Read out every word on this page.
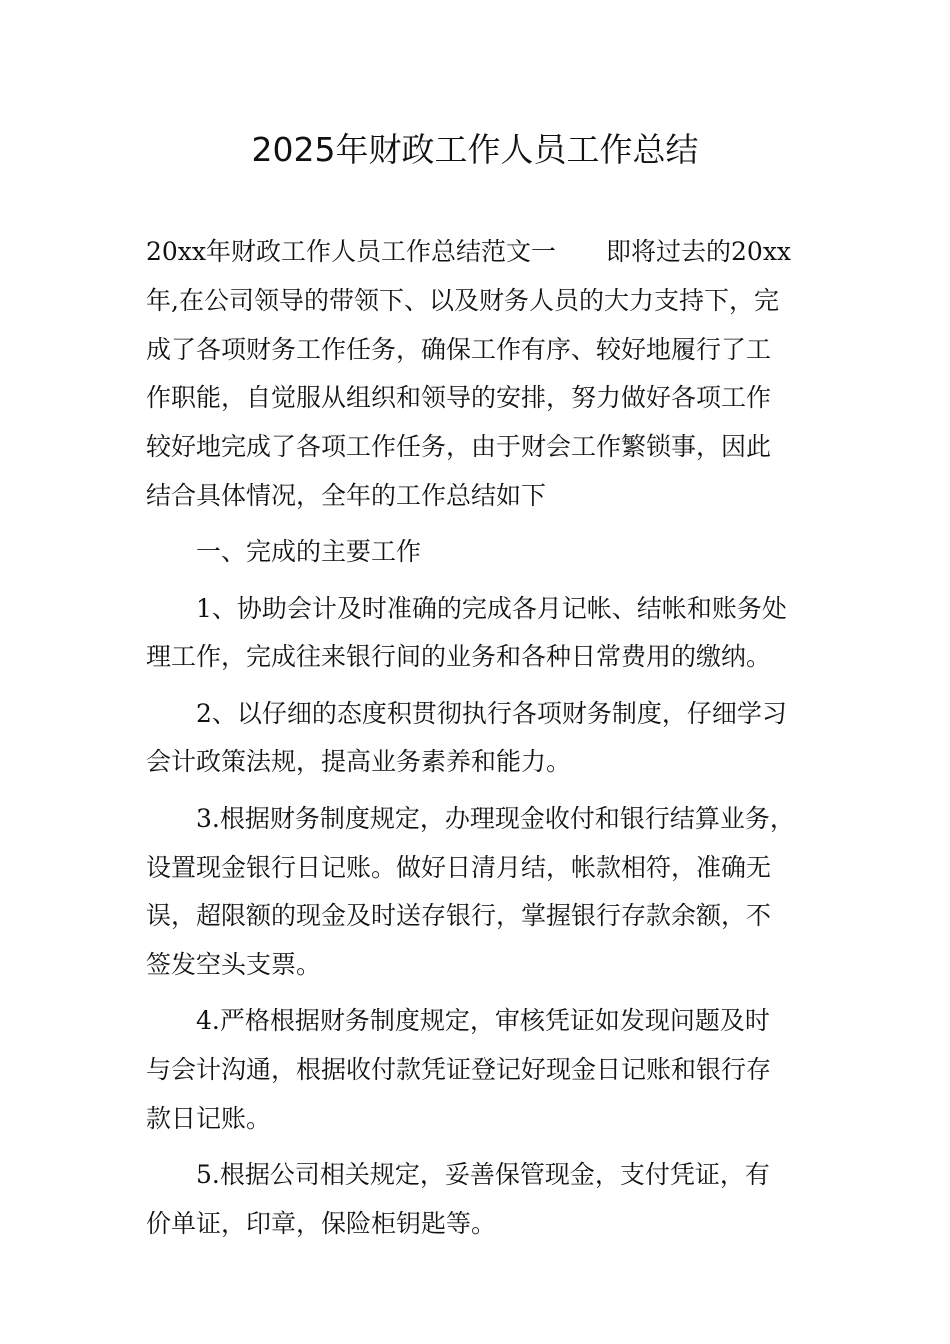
2025年财政工作人员工作总结
20xx年财政工作人员工作总结范文一　　即将过去的20xx
年,在公司领导的带领下、以及财务人员的大力支持下，完
成了各项财务工作任务，确保工作有序、较好地履行了工
作职能，自觉服从组织和领导的安排，努力做好各项工作
较好地完成了各项工作任务，由于财会工作繁锁事，因此
结合具体情况，全年的工作总结如下
一、完成的主要工作
1、协助会计及时准确的完成各月记帐、结帐和账务处
理工作，完成往来银行间的业务和各种日常费用的缴纳。
2、以仔细的态度积贯彻执行各项财务制度，仔细学习
会计政策法规，提高业务素养和能力。
3.根据财务制度规定，办理现金收付和银行结算业务，
设置现金银行日记账。做好日清月结，帐款相符，准确无
误，超限额的现金及时送存银行，掌握银行存款余额，不
签发空头支票。
4.严格根据财务制度规定，审核凭证如发现问题及时
与会计沟通，根据收付款凭证登记好现金日记账和银行存
款日记账。
5.根据公司相关规定，妥善保管现金，支付凭证，有
价单证，印章，保险柜钥匙等。
